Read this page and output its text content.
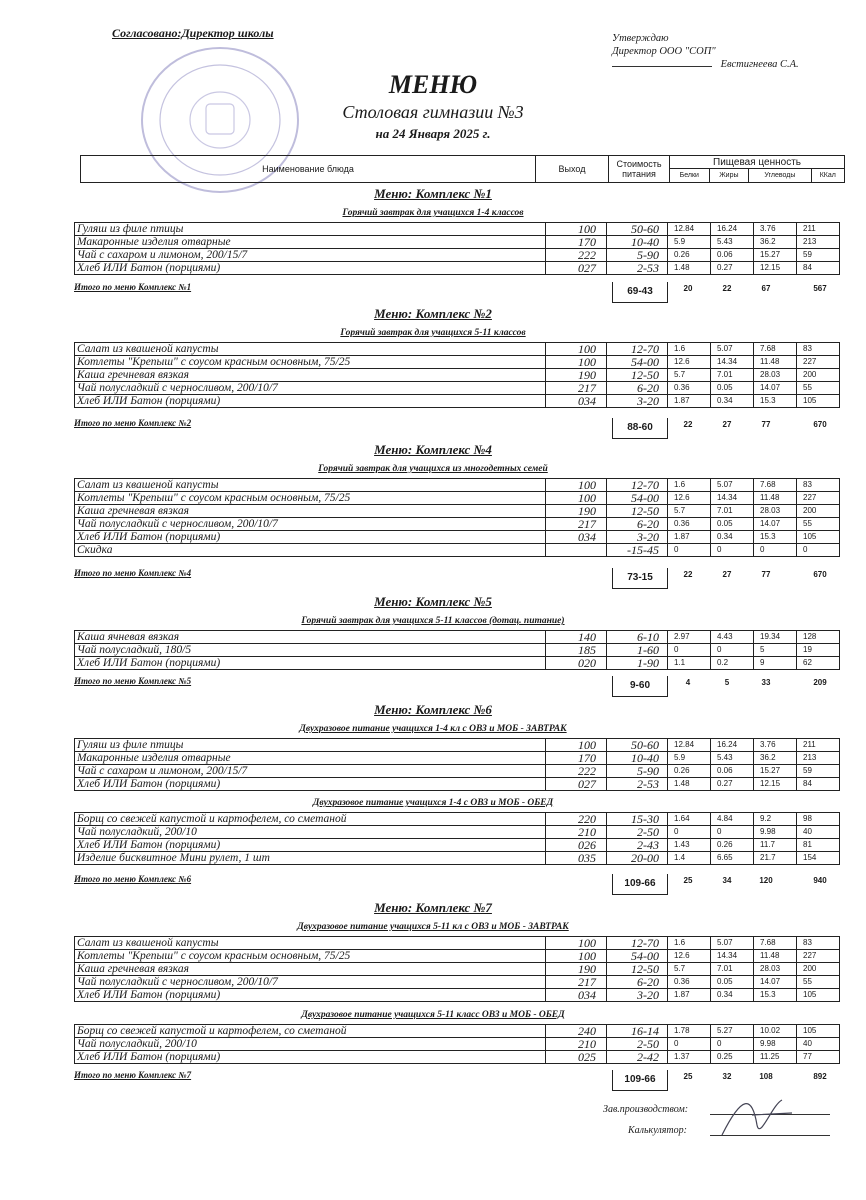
Согласовано:Директор школы	Утверждаю
Директор ООО "СОП"
Евстигнеева С.А.
МЕНЮ
Столовая гимназии №3
на 24 Января 2025 г.
Наименование блюда	Выход	Стоимость питания	Пищевая ценность			
			Белки	Жиры	Углеводы	ККал
Меню: Комплекс №1
Горячий завтрак для учащихся 1-4 классов
Гуляш из филе птицы	100	50-60	12.84	16.24	3.76	211
Макаронные изделия отварные	170	10-40	5.9	5.43	36.2	213
Чай с сахаром и лимоном, 200/15/7	222	5-90	0.26	0.06	15.27	59
Хлеб ИЛИ Батон (порциями)	027	2-53	1.48	0.27	12.15	84
Итого по меню Комплекс №1	69-43	20	22	67	567
Меню: Комплекс №2
Горячий завтрак для учащихся 5-11 классов
Салат из квашеной капусты	100	12-70	1.6	5.07	7.68	83
Котлеты "Крепыш" с соусом красным основным, 75/25	100	54-00	12.6	14.34	11.48	227
Каша гречневая вязкая	190	12-50	5.7	7.01	28.03	200
Чай полусладкий с черносливом, 200/10/7	217	6-20	0.36	0.05	14.07	55
Хлеб ИЛИ Батон (порциями)	034	3-20	1.87	0.34	15.3	105
Итого по меню Комплекс №2	88-60	22	27	77	670
Меню: Комплекс №4
Горячий завтрак для учащихся из многодетных семей
Салат из квашеной капусты	100	12-70	1.6	5.07	7.68	83
Котлеты "Крепыш" с соусом красным основным, 75/25	100	54-00	12.6	14.34	11.48	227
Каша гречневая вязкая	190	12-50	5.7	7.01	28.03	200
Чай полусладкий с черносливом, 200/10/7	217	6-20	0.36	0.05	14.07	55
Хлеб ИЛИ Батон (порциями)	034	3-20	1.87	0.34	15.3	105
Скидка		-15-45	0	0	0	0
Итого по меню Комплекс №4	73-15	22	27	77	670
Меню: Комплекс №5
Горячий завтрак для учащихся 5-11 классов (дотац. питание)
Каша ячневая вязкая	140	6-10	2.97	4.43	19.34	128
Чай полусладкий, 180/5	185	1-60	0	0	5	19
Хлеб ИЛИ Батон (порциями)	020	1-90	1.1	0.2	9	62
Итого по меню Комплекс №5	9-60	4	5	33	209
Меню: Комплекс №6
Двухразовое питание учащихся 1-4 кл с ОВЗ и МОБ - ЗАВТРАК
Гуляш из филе птицы	100	50-60	12.84	16.24	3.76	211
Макаронные изделия отварные	170	10-40	5.9	5.43	36.2	213
Чай с сахаром и лимоном, 200/15/7	222	5-90	0.26	0.06	15.27	59
Хлеб ИЛИ Батон (порциями)	027	2-53	1.48	0.27	12.15	84
Двухразовое питание учащихся 1-4 с ОВЗ и МОБ - ОБЕД
Борщ со свежей капустой и картофелем, со сметаной	220	15-30	1.64	4.84	9.2	98
Чай полусладкий, 200/10	210	2-50	0	0	9.98	40
Хлеб ИЛИ Батон (порциями)	026	2-43	1.43	0.26	11.7	81
Изделие бисквитное Мини рулет, 1 шт	035	20-00	1.4	6.65	21.7	154
Итого по меню Комплекс №6	109-66	25	34	120	940
Меню: Комплекс №7
Двухразовое питание учащихся 5-11 кл с ОВЗ и МОБ - ЗАВТРАК
Салат из квашеной капусты	100	12-70	1.6	5.07	7.68	83
Котлеты "Крепыш" с соусом красным основным, 75/25	100	54-00	12.6	14.34	11.48	227
Каша гречневая вязкая	190	12-50	5.7	7.01	28.03	200
Чай полусладкий с черносливом, 200/10/7	217	6-20	0.36	0.05	14.07	55
Хлеб ИЛИ Батон (порциями)	034	3-20	1.87	0.34	15.3	105
Двухразовое питание учащихся 5-11 класс ОВЗ и МОБ - ОБЕД
Борщ со свежей капустой и картофелем, со сметаной	240	16-14	1.78	5.27	10.02	105
Чай полусладкий, 200/10	210	2-50	0	0	9.98	40
Хлеб ИЛИ Батон (порциями)	025	2-42	1.37	0.25	11.25	77
Итого по меню Комплекс №7	109-66	25	32	108	892
Зав.производством:
Калькулятор:
